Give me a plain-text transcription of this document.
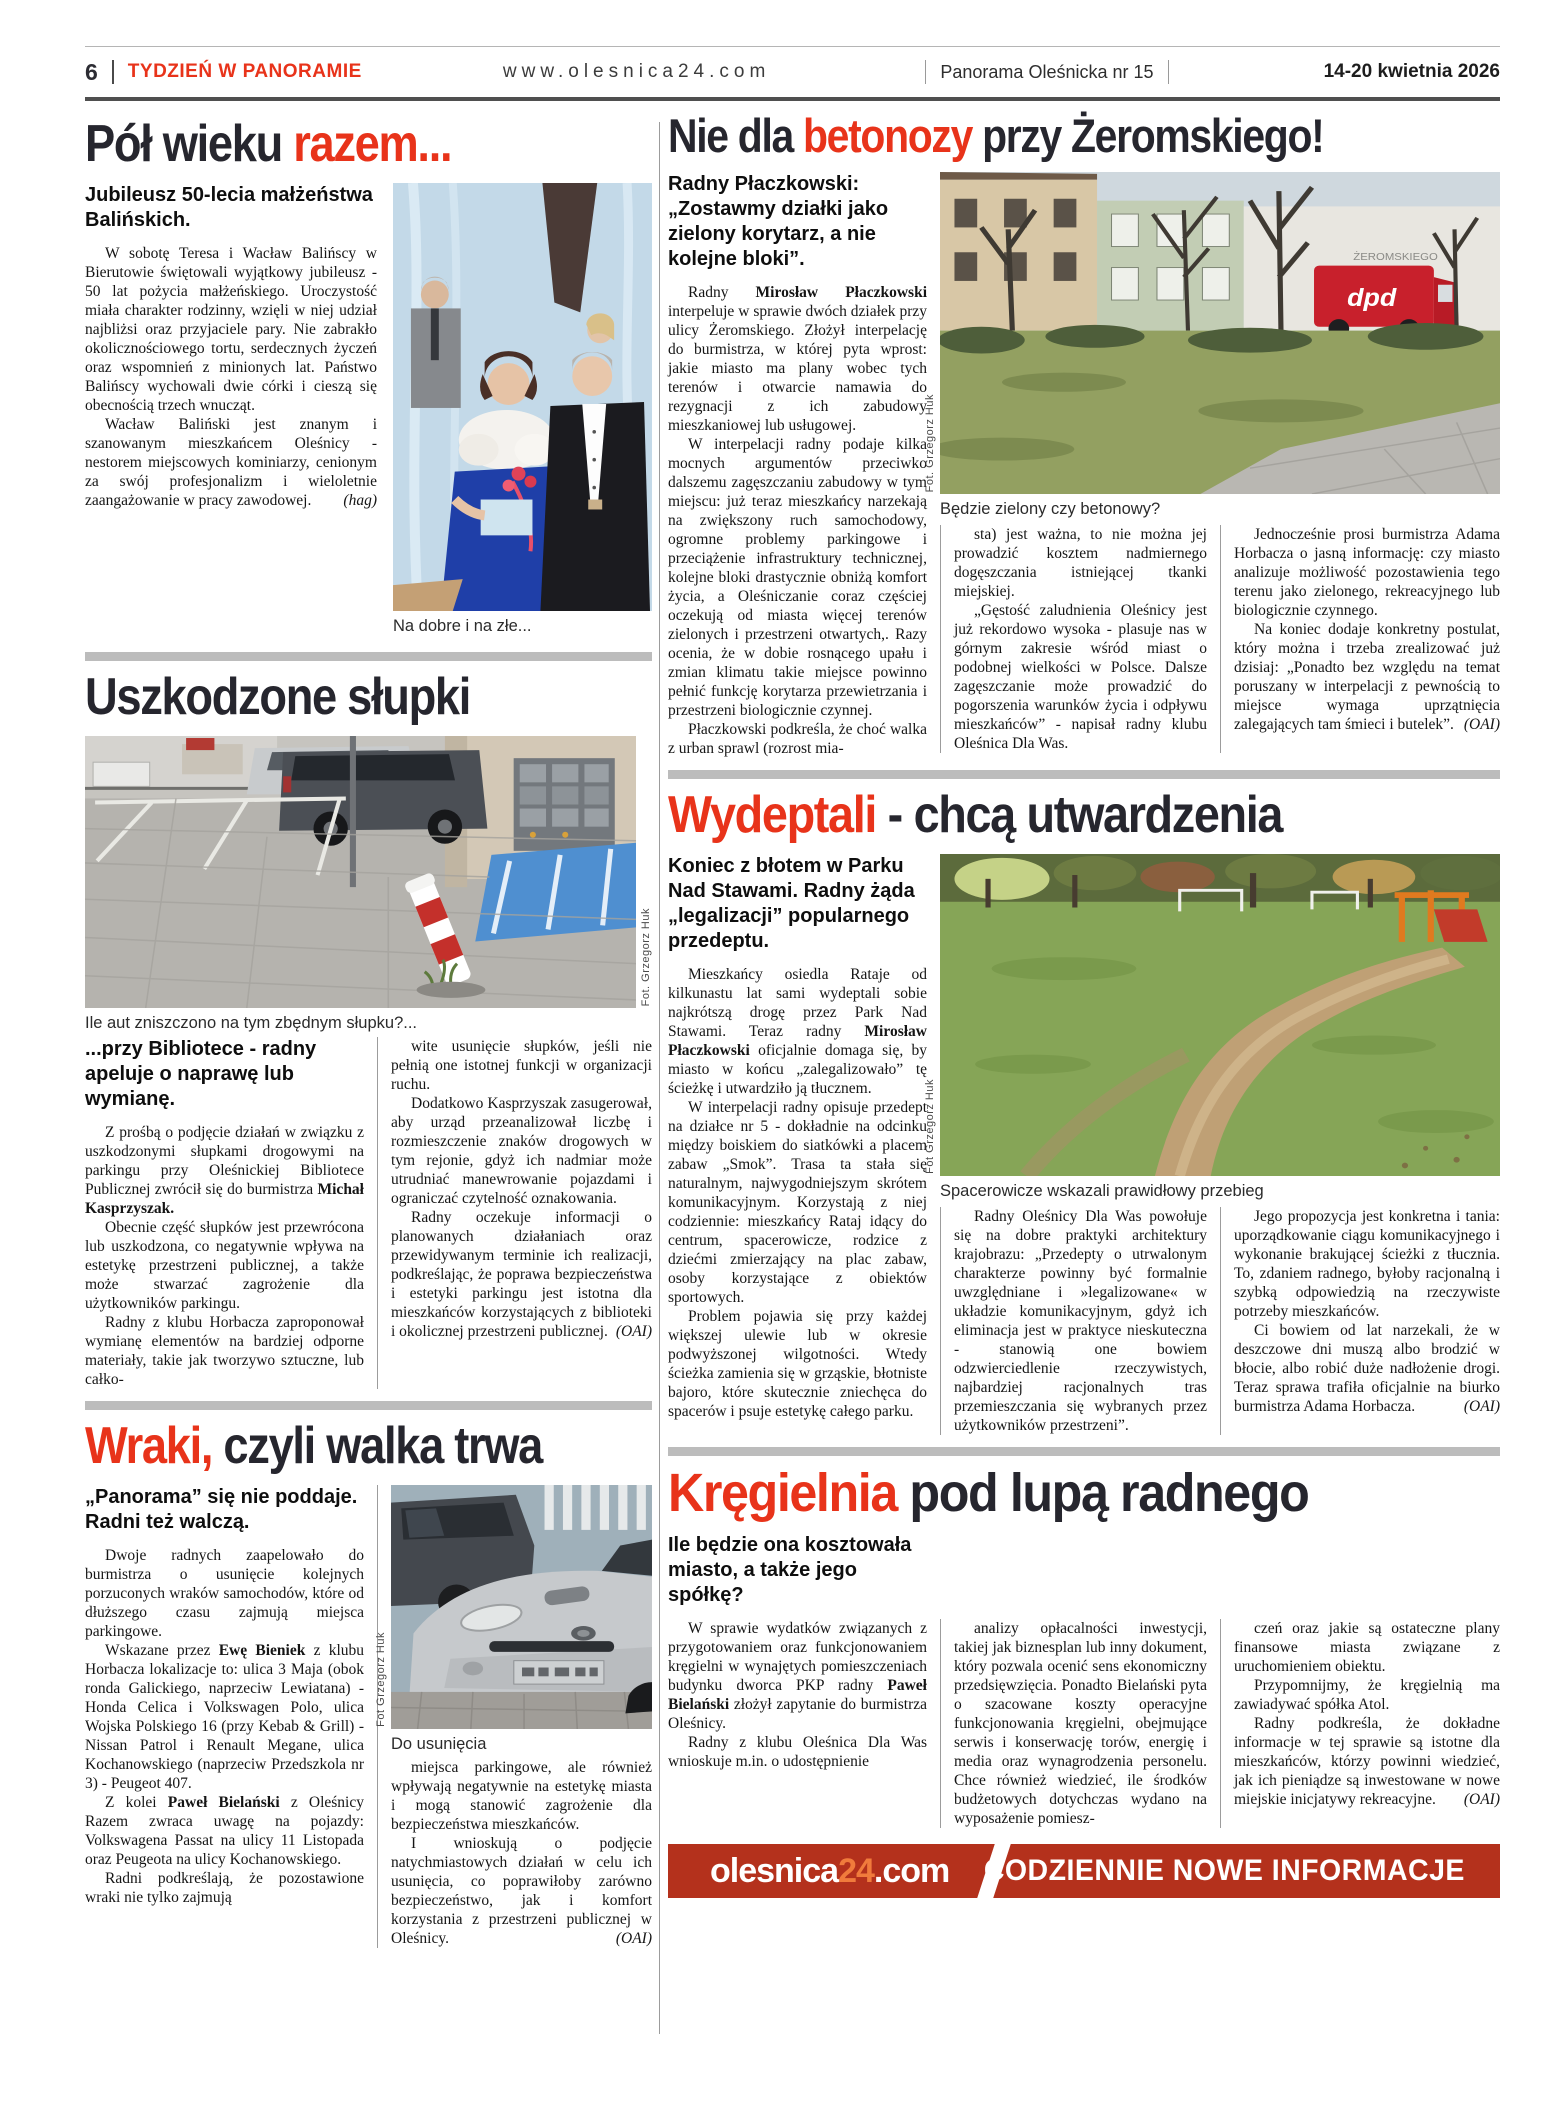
6 TYDZIEŃ W PANORAMIE	www.olesnica24.com	Panorama Oleśnicka nr 15	14-20 kwietnia 2026
Pół wieku razem...

Jubileusz 50-lecia małżeństwa Balińskich.

W sobotę Teresa i Wacław Balińscy w Bierutowie świętowali wyjątkowy jubileusz - 50 lat pożycia małżeńskiego. Uroczystość miała charakter rodzinny, wzięli w niej udział najbliżsi oraz przyjaciele pary. Nie zabrakło okolicznościowego tortu, serdecznych życzeń oraz wspomnień z minionych lat. Państwo Balińscy wychowali dwie córki i cieszą się obecnością trzech wnucząt.

Wacław Baliński jest znanym i szanowanym mieszkańcem Oleśnicy - nestorem miejscowych kominiarzy, cenionym za swój profesjonalizm i wieloletnie zaangażowanie w pracy zawodowej. (hag)

Na dobre i na złe...
Uszkodzone słupki
Fot. Grzegorz Huk
Ile aut zniszczono na tym zbędnym słupku?...

...przy Bibliotece - radny apeluje o naprawę lub wymianę.

Z prośbą o podjęcie działań w związku z uszkodzonymi słupkami drogowymi na parkingu przy Oleśnickiej Bibliotece Publicznej zwrócił się do burmistrza Michał Kasprzyszak.

Obecnie część słupków jest przewrócona lub uszkodzona, co negatywnie wpływa na estetykę przestrzeni publicznej, a także może stwarzać zagrożenie dla użytkowników parkingu.

Radny z klubu Horbacza zaproponował wymianę elementów na bardziej odporne materiały, takie jak tworzywo sztuczne, lub całko-

wite usunięcie słupków, jeśli nie pełnią one istotnej funkcji w organizacji ruchu.

Dodatkowo Kasprzyszak zasugerował, aby urząd przeanalizował liczbę i rozmieszczenie znaków drogowych w tym rejonie, gdyż ich nadmiar może utrudniać manewrowanie pojazdami i ograniczać czytelność oznakowania.

Radny oczekuje informacji o planowanych działaniach oraz przewidywanym terminie ich realizacji, podkreślając, że poprawa bezpieczeństwa i estetyki parkingu jest istotna dla mieszkańców korzystających z biblioteki i okolicznej przestrzeni publicznej. (OAI)

Wraki, czyli walka trwa

„Panorama” się nie poddaje. Radni też walczą.

Dwoje radnych zaapelowało do burmistrza o usunięcie kolejnych porzuconych wraków samochodów, które od dłuższego czasu zajmują miejsca parkingowe.

Wskazane przez Ewę Bieniek z klubu Horbacza lokalizacje to: ulica 3 Maja (obok ronda Galickiego, naprzeciw Lewiatana) - Honda Celica i Volkswagen Polo, ulica Wojska Polskiego 16 (przy Kebab & Grill) - Nissan Patrol i Renault Megane, ulica Kochanowskiego (naprzeciw Przedszkola nr 3) - Peugeot 407.

Z kolei Paweł Bielański z Oleśnicy Razem zwraca uwagę na pojazdy: Volkswagena Passat na ulicy 11 Listopada oraz Peugeota na ulicy Kochanowskiego.

Radni podkreślają, że pozostawione wraki nie tylko zajmują

Fot Grzegorz Huk
Do usunięcia

miejsca parkingowe, ale również wpływają negatywnie na estetykę miasta i mogą stanowić zagrożenie dla bezpieczeństwa mieszkańców.

I wnioskują o podjęcie natychmiastowych działań w celu ich usunięcia, co poprawiłoby zarówno bezpieczeństwo, jak i komfort korzystania z przestrzeni publicznej w Oleśnicy.	(OAI)

Nie dla betonozy przy Żeromskiego!

Radny Płaczkowski: „Zostawmy działki jako zielony korytarz, a nie kolejne bloki”.

Radny Mirosław Płaczkowski interpeluje w sprawie dwóch działek przy ulicy Żeromskiego. Złożył interpelację do burmistrza, w której pyta wprost: jakie miasto ma plany wobec tych terenów i otwarcie namawia do rezygnacji z ich zabudowy mieszkaniowej lub usługowej.

W interpelacji radny podaje kilka mocnych argumentów przeciwko dalszemu zagęszczaniu zabudowy w tym miejscu: już teraz mieszkańcy narzekają na zwiększony ruch samochodowy, ogromne problemy parkingowe i przeciążenie infrastruktury technicznej, kolejne bloki drastycznie obniżą komfort życia, a Oleśniczanie coraz częściej oczekują od miasta więcej terenów zielonych i przestrzeni otwartych,. Razy ocenia, że w dobie rosnącego upału i zmian klimatu takie miejsce powinno pełnić funkcję korytarza przewietrzania i przestrzeni biologicznie czynnej.

Płaczkowski podkreśla, że choć walka z urban sprawl (rozrost mia-

ŻEROMSKIEGO
dpd
Fot. Grzegorz Huk
Będzie zielony czy betonowy?

sta) jest ważna, to nie można jej prowadzić kosztem nadmiernego dogęszczania istniejącej tkanki miejskiej.

„Gęstość zaludnienia Oleśnicy jest już rekordowo wysoka - plasuje nas w górnym zakresie wśród miast o podobnej wielkości w Polsce. Dalsze zagęszczanie może prowadzić do pogorszenia warunków życia i odpływu mieszkańców” - napisał radny klubu Oleśnica Dla Was.

Jednocześnie prosi burmistrza Adama Horbacza o jasną informację: czy miasto analizuje możliwość pozostawienia tego terenu jako zielonego, rekreacyjnego lub biologicznie czynnego.

Na koniec dodaje konkretny postulat, który można i trzeba zrealizować już dzisiaj: „Ponadto bez względu na temat poruszany w interpelacji z pewnością to miejsce wymaga uprzątnięcia zalegających tam śmieci i butelek”. (OAI)

Wydeptali - chcą utwardzenia

Koniec z błotem w Parku Nad Stawami. Radny żąda „legalizacji” popularnego przedeptu.

Mieszkańcy osiedla Rataje od kilkunastu lat sami wydeptali sobie najkrótszą drogę przez Park Nad Stawami. Teraz radny Mirosław Płaczkowski oficjalnie domaga się, by miasto w końcu „zalegalizowało” tę ścieżkę i utwardziło ją tłucznem.

W interpelacji radny opisuje przedept na działce nr 5 - dokładnie na odcinku między boiskiem do siatkówki a placem zabaw „Smok”. Trasa ta stała się naturalnym, najwygodniejszym skrótem komunikacyjnym. Korzystają z niej codziennie: mieszkańcy Rataj idący do centrum, spacerowicze, rodzice z dziećmi zmierzający na plac zabaw, osoby korzystające z obiektów sportowych.

Problem pojawia się przy każdej większej ulewie lub w okresie podwyższonej wilgotności. Wtedy ścieżka zamienia się w grząskie, błotniste bajoro, które skutecznie zniechęca do spacerów i psuje estetykę całego parku.

Fot Grzegorz Huk
Spacerowicze wskazali prawidłowy przebieg

Radny Oleśnicy Dla Was powołuje się na dobre praktyki architektury krajobrazu: „Przedepty o utrwalonym charakterze powinny być formalnie uwzględniane i »legalizowane« w układzie komunikacyjnym, gdyż ich eliminacja jest w praktyce nieskuteczna - stanowią one bowiem odzwierciedlenie rzeczywistych, najbardziej racjonalnych tras przemieszczania się wybranych przez użytkowników przestrzeni”.

Jego propozycja jest konkretna i tania: uporządkowanie ciągu komunikacyjnego i wykonanie brakującej ścieżki z tłucznia. To, zdaniem radnego, byłoby racjonalną i szybką odpowiedzią na rzeczywiste potrzeby mieszkańców.

Ci bowiem od lat narzekali, że w deszczowe dni muszą albo brodzić w błocie, albo robić duże nadłożenie drogi. Teraz sprawa trafiła oficjalnie na biurko burmistrza Adama Horbacza.	(OAI)

Kręgielnia pod lupą radnego

Ile będzie ona kosztowała miasto, a także jego spółkę?

W sprawie wydatków związanych z przygotowaniem oraz funkcjonowaniem kręgielni w wynajętych pomieszczeniach budynku dworca PKP radny Paweł Bielański złożył zapytanie do burmistrza Oleśnicy.

Radny z klubu Oleśnica Dla Was wnioskuje m.in. o udostępnienie

analizy opłacalności inwestycji, takiej jak biznesplan lub inny dokument, który pozwala ocenić sens ekonomiczny przedsięwzięcia. Ponadto Bielański pyta o szacowane koszty operacyjne funkcjonowania kręgielni, obejmujące serwis i konserwację torów, energię i media oraz wynagrodzenia personelu. Chce również wiedzieć, ile środków budżetowych dotychczas wydano na wyposażenie pomiesz-

czeń oraz jakie są ostateczne plany finansowe miasta związane z uruchomieniem obiektu.

Przypomnijmy, że kręgielnią ma zawiadywać spółka Atol.

Radny podkreśla, że dokładne informacje w tej sprawie są istotne dla mieszkańców, którzy powinni wiedzieć, jak ich pieniądze są inwestowane w nowe miejskie inicjatywy rekreacyjne. (OAI)

olesnica24.com	CODZIENNIE NOWE INFORMACJE
